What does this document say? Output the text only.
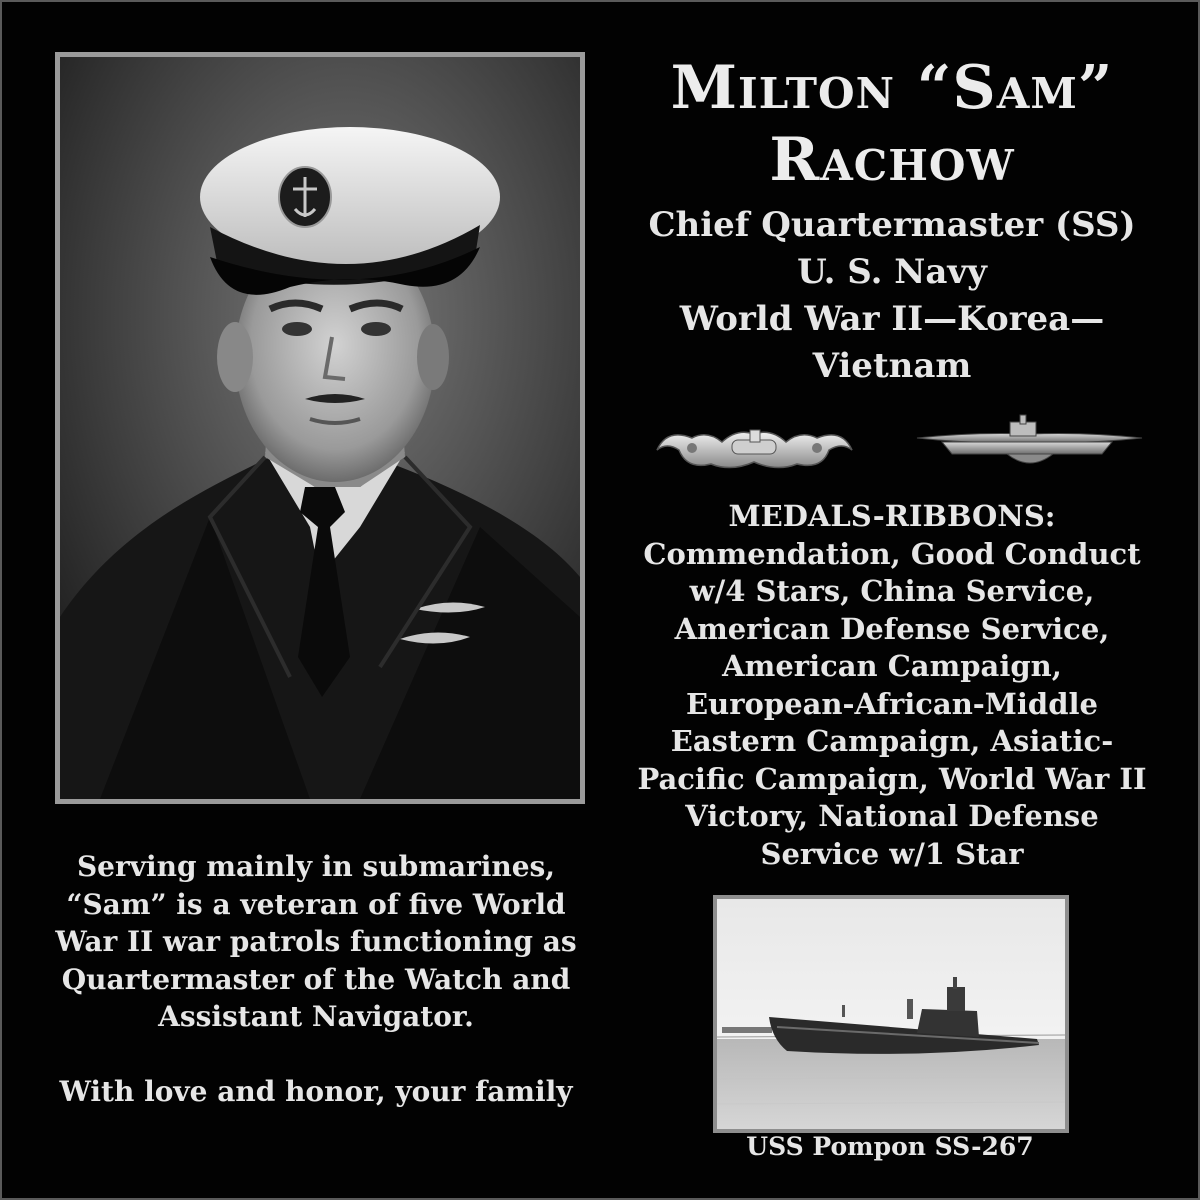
Milton “Sam”
Rachow
Chief Quartermaster (SS)
U. S. Navy
World War II—Korea—
Vietnam
MEDALS-RIBBONS:
Commendation, Good Conduct
w/4 Stars, China Service,
American Defense Service,
American Campaign,
European-African-Middle
Eastern Campaign, Asiatic-
Pacific Campaign, World War II
Victory, National Defense
Service w/1 Star
Serving mainly in submarines,
“Sam” is a veteran of five World
War II war patrols functioning as
Quartermaster of the Watch and
Assistant Navigator.
With love and honor, your family
USS Pompon SS-267
